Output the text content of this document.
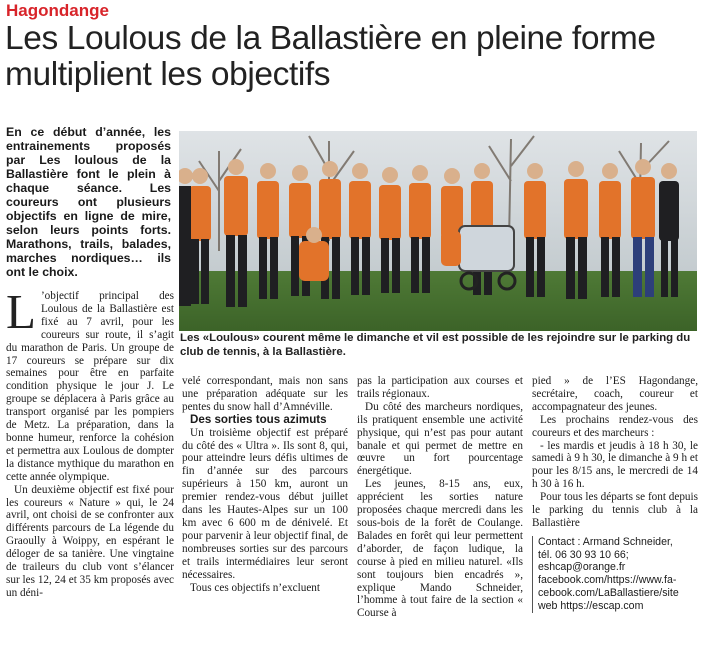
Hagondange
Les Loulous de la Ballastière en pleine forme multiplient les objectifs

En ce début d’année, les entrainements proposés par Les loulous de la Ballastière font le plein à chaque séance. Les coureurs ont plusieurs objectifs en ligne de mire, selon leurs points forts. Marathons, trails, balades, marches nordiques… ils ont le choix.

Les «Loulous» courent même le dimanche et vil est possible de les rejoindre sur le parking du club de tennis, à la Ballastière.

L ’objectif principal des Loulous de la Ballastière est fixé au 7 avril, pour les coureurs sur route, il s’agit du marathon de Paris. Un groupe de 17 coureurs se prépare sur dix semaines pour être en parfaite condition physique le jour J. Le groupe se déplacera à Paris grâce au transport organisé par les pompiers de Metz. La préparation, dans la bonne humeur, renforce la cohésion et permettra aux Loulous de dompter la distance mythique du marathon en cette année olympique.

Un deuxième objectif est fixé pour les coureurs « Nature » qui, le 24 avril, ont choisi de se confronter aux différents parcours de La légende du Graoully à Woippy, en espérant le déloger de sa tanière. Une vingtaine de traileurs du club vont s’élancer sur les 12, 24 et 35 km proposés avec un déni-

velé correspondant, mais non sans une préparation adéquate sur les pentes du snow hall d’Amnéville.

Des sorties tous azimuts

Un troisième objectif est préparé du côté des « Ultra ». Ils sont 8, qui, pour atteindre leurs défis ultimes de fin d’année sur des parcours supérieurs à 150 km, auront un premier rendez-vous début juillet dans les Hautes-Alpes sur un 100 km avec 6 600 m de dénivelé. Et pour parvenir à leur objectif final, de nombreuses sorties sur des parcours et trails intermédiaires leur seront nécessaires.

Tous ces objectifs n’excluent

pas la participation aux courses et trails régionaux.

Du côté des marcheurs nordiques, ils pratiquent ensemble une activité physique, qui n’est pas pour autant banale et qui permet de mettre en œuvre un fort pourcentage énergétique.

Les jeunes, 8-15 ans, eux, apprécient les sorties nature proposées chaque mercredi dans les sous-bois de la forêt de Coulange. Balades en forêt qui leur permettent d’aborder, de façon ludique, la course à pied en milieu naturel. «Ils sont toujours bien encadrés », explique Mando Schneider, l’homme à tout faire de la section « Course à

pied » de l’ES Hagondange, secrétaire, coach, coureur et accompagnateur des jeunes.

Les prochains rendez-vous des coureurs et des marcheurs :

- les mardis et jeudis à 18 h 30, le samedi à 9 h 30, le dimanche à 9 h et pour les 8/15 ans, le mercredi de 14 h 30 à 16 h.

Pour tous les départs se font depuis le parking du tennis club à la Ballastière

Contact : Armand Schneider,
tél. 06 30 93 10 66;
eshcap@orange.fr
facebook.com/https://www.fa-
cebook.com/LaBallastiere/site
web https://escap.com
